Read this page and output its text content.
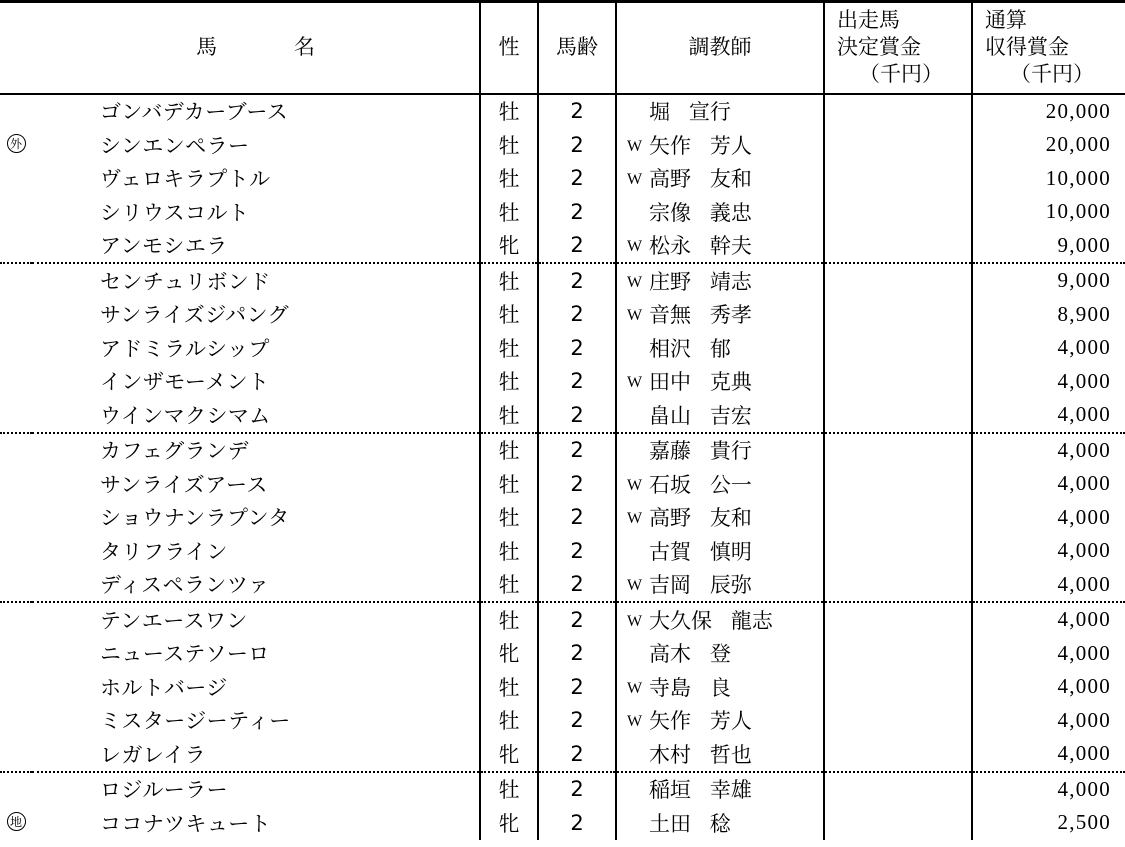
	馬　　名	性	馬齢	調教師	出走馬
決定賞金
（千円）	通算
収得賞金
（千円）

	ゴンバデカーブース	牡	2	堀 宣行		20,000
外	シンエンペラー	牡	2	W 矢作 芳人		20,000
	ヴェロキラプトル	牡	2	W 高野 友和		10,000
	シリウスコルト	牡	2	宗像 義忠		10,000
	アンモシエラ	牝	2	W 松永 幹夫		9,000
	センチュリボンド	牡	2	W 庄野 靖志		9,000
	サンライズジパング	牡	2	W 音無 秀孝		8,900
	アドミラルシップ	牡	2	相沢 郁		4,000
	インザモーメント	牡	2	W 田中 克典		4,000
	ウインマクシマム	牡	2	畠山 吉宏		4,000
	カフェグランデ	牡	2	嘉藤 貴行		4,000
	サンライズアース	牡	2	W 石坂 公一		4,000
	ショウナンラプンタ	牡	2	W 高野 友和		4,000
	タリフライン	牡	2	古賀 慎明		4,000
	ディスペランツァ	牡	2	W 吉岡 辰弥		4,000
	テンエースワン	牡	2	W 大久保 龍志		4,000
	ニューステソーロ	牝	2	高木 登		4,000
	ホルトバージ	牡	2	W 寺島 良		4,000
	ミスタージーティー	牡	2	W 矢作 芳人		4,000
	レガレイラ	牝	2	木村 哲也		4,000
	ロジルーラー	牡	2	稲垣 幸雄		4,000
地	ココナツキュート	牝	2	土田 稔		2,500
